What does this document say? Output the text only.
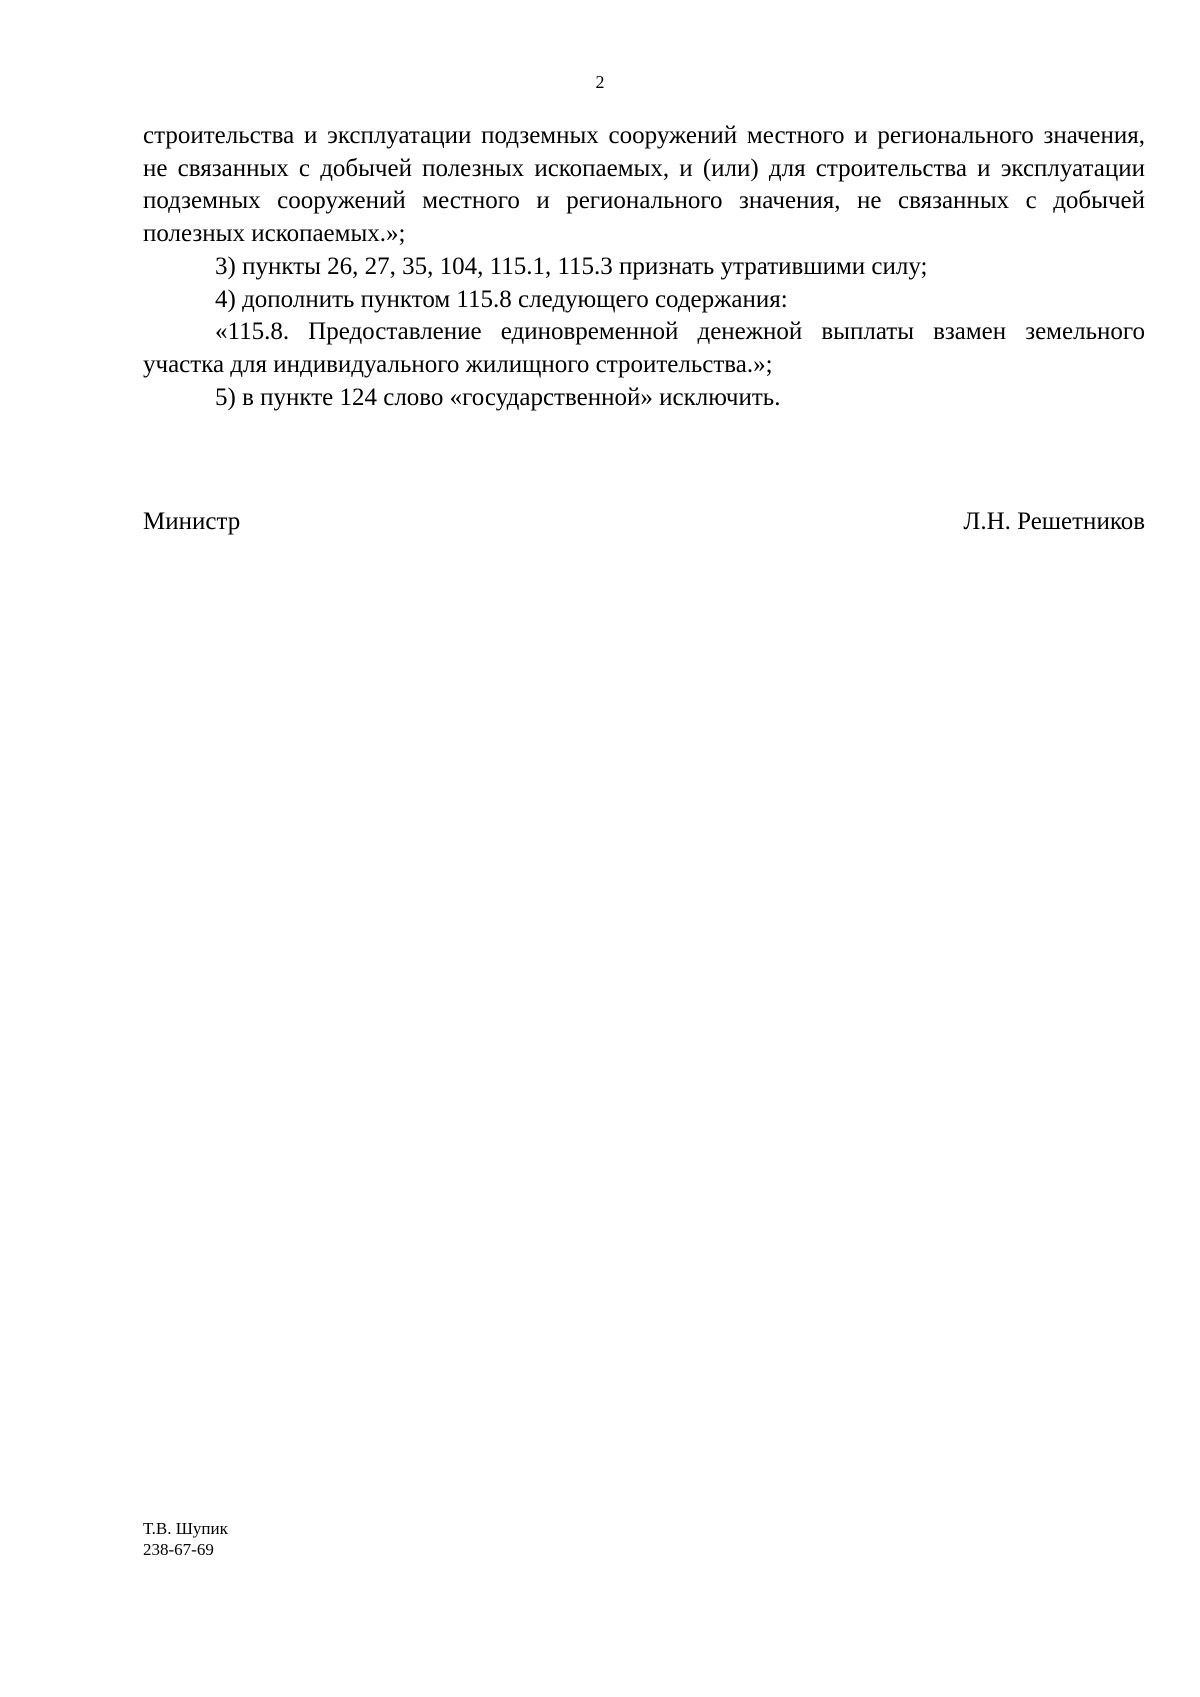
2

строительства и эксплуатации подземных сооружений местного и регионального значения, не связанных с добычей полезных ископаемых, и (или) для строительства и эксплуатации подземных сооружений местного и регионального значения, не связанных с добычей полезных ископаемых.»;

3) пункты 26, 27, 35, 104, 115.1, 115.3 признать утратившими силу;

4) дополнить пунктом 115.8 следующего содержания:

«115.8. Предоставление единовременной денежной выплаты взамен земельного участка для индивидуального жилищного строительства.»;

5) в пункте 124 слово «государственной» исключить.

Министр	Л.Н. Решетников
Т.В. Шупик
238-67-69
